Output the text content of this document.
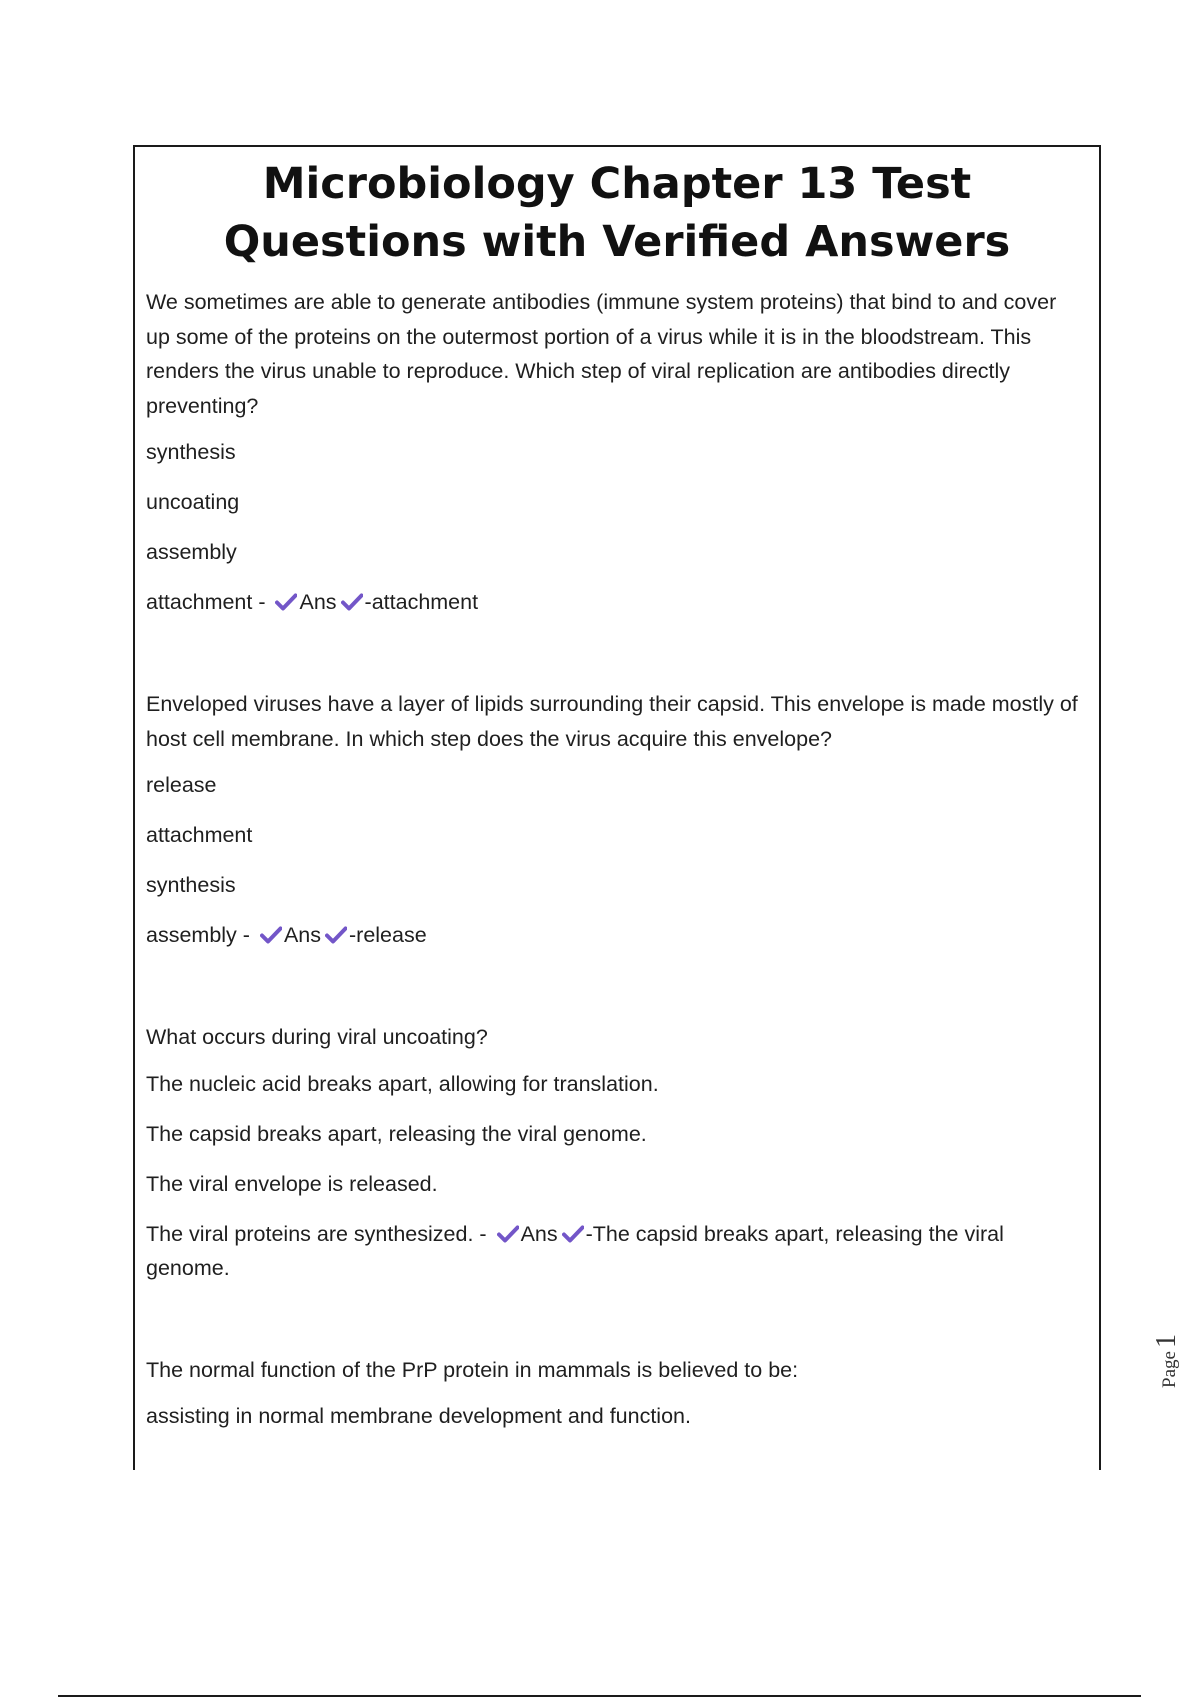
Microbiology Chapter 13 Test Questions with Verified Answers
We sometimes are able to generate antibodies (immune system proteins) that bind to and cover up some of the proteins on the outermost portion of a virus while it is in the bloodstream. This renders the virus unable to reproduce. Which step of viral replication are antibodies directly preventing?
synthesis
uncoating
assembly
attachment - Ans -attachment
Enveloped viruses have a layer of lipids surrounding their capsid. This envelope is made mostly of host cell membrane. In which step does the virus acquire this envelope?
release
attachment
synthesis
assembly - Ans -release
What occurs during viral uncoating?
The nucleic acid breaks apart, allowing for translation.
The capsid breaks apart, releasing the viral genome.
The viral envelope is released.
The viral proteins are synthesized. - Ans -The capsid breaks apart, releasing the viral genome.
The normal function of the PrP protein in mammals is believed to be:
assisting in normal membrane development and function.
Page1
